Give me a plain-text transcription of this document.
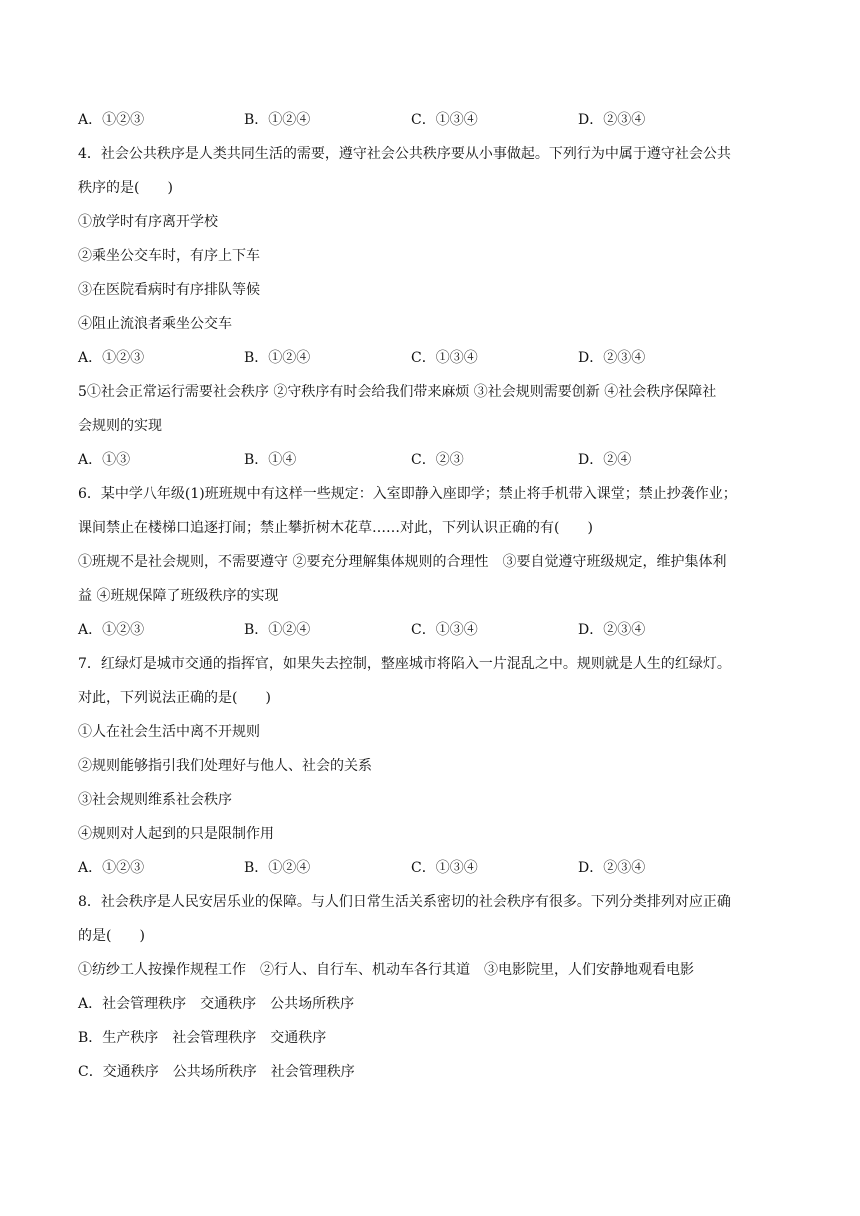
A．①②③	B．①②④	C．①③④	D．②③④
4．社会公共秩序是人类共同生活的需要，遵守社会公共秩序要从小事做起。下列行为中属于遵守社会公共
秩序的是(　　)
①放学时有序离开学校
②乘坐公交车时，有序上下车
③在医院看病时有序排队等候
④阻止流浪者乘坐公交车
A．①②③	B．①②④	C．①③④	D．②③④
5①社会正常运行需要社会秩序 ②守秩序有时会给我们带来麻烦 ③社会规则需要创新 ④社会秩序保障社
会规则的实现
A．①③	B．①④	C．②③	D．②④
6．某中学八年级(1)班班规中有这样一些规定：入室即静入座即学；禁止将手机带入课堂；禁止抄袭作业；
课间禁止在楼梯口追逐打闹；禁止攀折树木花草……对此，下列认识正确的有(　　)
①班规不是社会规则，不需要遵守 ②要充分理解集体规则的合理性　③要自觉遵守班级规定，维护集体利
益 ④班规保障了班级秩序的实现
A．①②③	B．①②④	C．①③④	D．②③④
7．红绿灯是城市交通的指挥官，如果失去控制，整座城市将陷入一片混乱之中。规则就是人生的红绿灯。
对此，下列说法正确的是(　　)
①人在社会生活中离不开规则
②规则能够指引我们处理好与他人、社会的关系
③社会规则维系社会秩序
④规则对人起到的只是限制作用
A．①②③	B．①②④	C．①③④	D．②③④
8．社会秩序是人民安居乐业的保障。与人们日常生活关系密切的社会秩序有很多。下列分类排列对应正确
的是(　　)
①纺纱工人按操作规程工作　②行人、自行车、机动车各行其道　③电影院里，人们安静地观看电影
A．社会管理秩序　交通秩序　公共场所秩序
B．生产秩序　社会管理秩序　交通秩序
C．交通秩序　公共场所秩序　社会管理秩序
